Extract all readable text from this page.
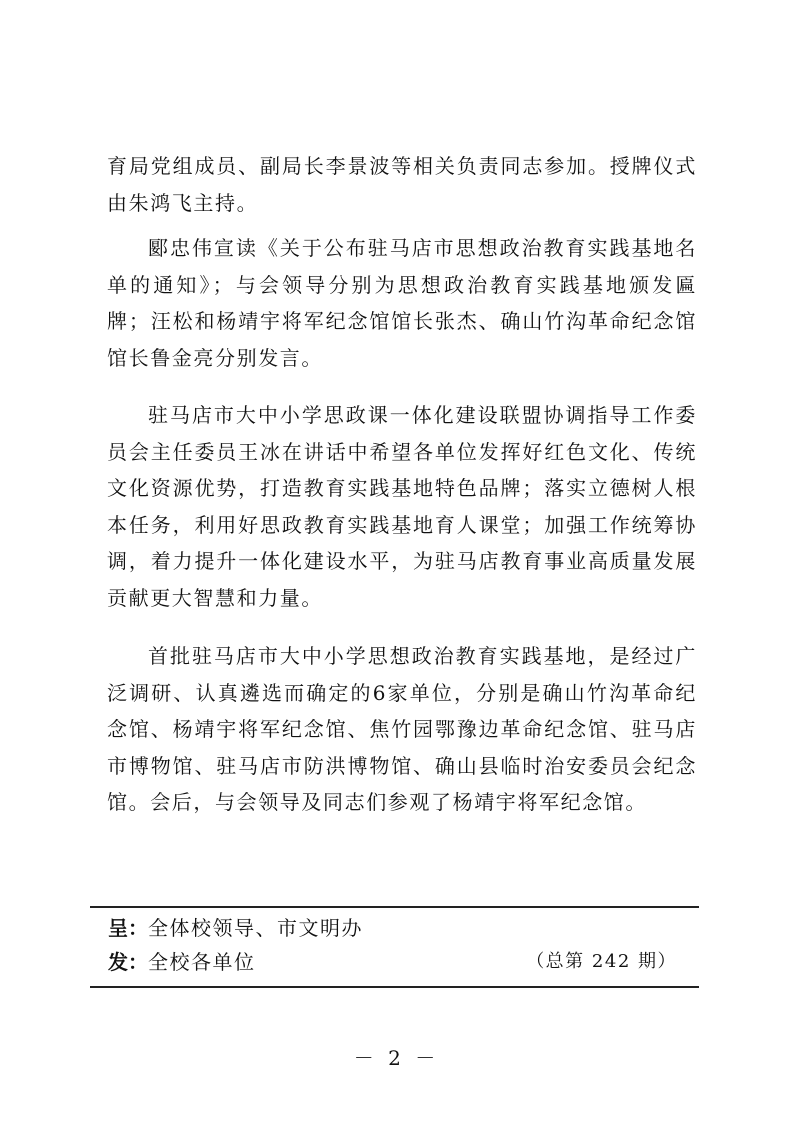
育局党组成员、副局长李景波等相关负责同志参加。授牌仪式由朱鸿飞主持。

郾忠伟宣读《关于公布驻马店市思想政治教育实践基地名单的通知》；与会领导分别为思想政治教育实践基地颁发匾牌；汪松和杨靖宇将军纪念馆馆长张杰、确山竹沟革命纪念馆馆长鲁金亮分别发言。

驻马店市大中小学思政课一体化建设联盟协调指导工作委员会主任委员王冰在讲话中希望各单位发挥好红色文化、传统文化资源优势，打造教育实践基地特色品牌；落实立德树人根本任务，利用好思政教育实践基地育人课堂；加强工作统筹协调，着力提升一体化建设水平，为驻马店教育事业高质量发展贡献更大智慧和力量。

首批驻马店市大中小学思想政治教育实践基地，是经过广泛调研、认真遴选而确定的6家单位，分别是确山竹沟革命纪念馆、杨靖宇将军纪念馆、焦竹园鄂豫边革命纪念馆、驻马店市博物馆、驻马店市防洪博物馆、确山县临时治安委员会纪念馆。会后，与会领导及同志们参观了杨靖宇将军纪念馆。

呈： 全体校领导、市文明办
发： 全校各单位	（总第 242 期）
－ 2 －
